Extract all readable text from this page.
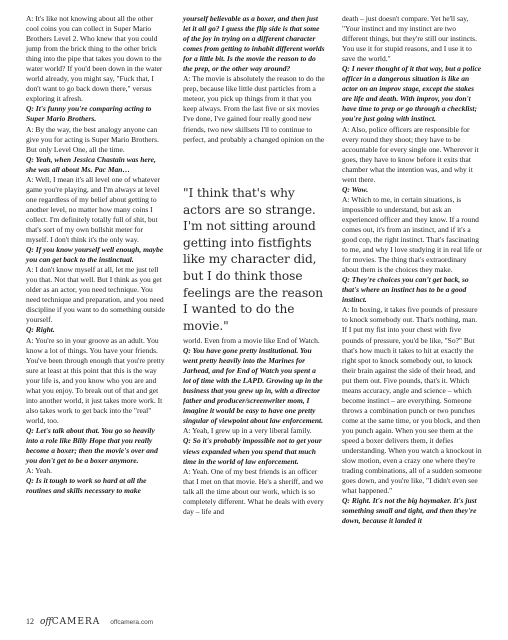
A: It's like not knowing about all the other cool coins you can collect in Super Mario Brothers Level 2. Who knew that you could jump from the brick thing to the other brick thing into the pipe that takes you down to the water world? If you'd been down in the water world already, you might say, "Fuck that, I don't want to go back down there," versus exploring it afresh.

Q: It's funny you're comparing acting to Super Mario Brothers.

A: By the way, the best analogy anyone can give you for acting is Super Mario Brothers. But only Level One, all the time.

Q: Yeah, when Jessica Chastain was here, she was all about Ms. Pac Man…

A: Well, I mean it's all level one of whatever game you're playing, and I'm always at level one regardless of my belief about getting to another level, no matter how many coins I collect. I'm definitely totally full of shit, but that's sort of my own bullshit meter for myself. I don't think it's the only way.

Q: If you know yourself well enough, maybe you can get back to the instinctual.

A: I don't know myself at all, let me just tell you that. Not that well. But I think as you get older as an actor, you need technique. You need technique and preparation, and you need discipline if you want to do something outside yourself.

Q: Right.

A: You're so in your groove as an adult. You know a lot of things. You have your friends. You've been through enough that you're pretty sure at least at this point that this is the way your life is, and you know who you are and what you enjoy. To break out of that and get into another world, it just takes more work. It also takes work to get back into the "real" world, too.

Q: Let's talk about that. You go so heavily into a role like Billy Hope that you really become a boxer; then the movie's over and you don't get to be a boxer anymore.

A: Yeah.

Q: Is it tough to work so hard at all the routines and skills necessary to make

yourself believable as a boxer, and then just let it all go? I guess the flip side is that some of the joy in trying on a different character comes from getting to inhabit different worlds for a little bit. Is the movie the reason to do the prep, or the other way around?

A: The movie is absolutely the reason to do the prep, because like little dust particles from a meteor, you pick up things from it that you keep always. From the last five or six movies I've done, I've gained four really good new friends, two new skillsets I'll to continue to perfect, and probably a changed opinion on the

"I think that's why actors are so strange. I'm not sitting around getting into fistfights like my character did, but I do think those feelings are the reason I wanted to do the movie."

world. Even from a movie like End of Watch.

Q: You have gone pretty institutional. You went pretty heavily into the Marines for Jarhead, and for End of Watch you spent a lot of time with the LAPD. Growing up in the business that you grew up in, with a director father and producer/screenwriter mom, I imagine it would be easy to have one pretty singular of viewpoint about law enforcement.

A: Yeah, I grew up in a very liberal family.

Q: So it's probably impossible not to get your views expanded when you spend that much time in the world of law enforcement.

A: Yeah. One of my best friends is an officer that I met on that movie. He's a sheriff, and we talk all the time about our work, which is so completely different. What he deals with every day – life and

death – just doesn't compare. Yet he'll say, "Your instinct and my instinct are two different things, but they're still our instincts. You use it for stupid reasons, and I use it to save the world."

Q: I never thought of it that way, but a police officer in a dangerous situation is like an actor on an improv stage, except the stakes are life and death. With improv, you don't have time to prep or go through a checklist; you're just going with instinct.

A: Also, police officers are responsible for every round they shoot; they have to be accountable for every single one. Wherever it goes, they have to know before it exits that chamber what the intention was, and why it went there.

Q: Wow.

A: Which to me, in certain situations, is impossible to understand, but ask an experienced officer and they know. If a round comes out, it's from an instinct, and if it's a good cop, the right instinct. That's fascinating to me, and why I love studying it in real life or for movies. The thing that's extraordinary about them is the choices they make.

Q: They're choices you can't get back, so that's where an instinct has to be a good instinct.

A: In boxing, it takes five pounds of pressure to knock somebody out. That's nothing, man. If I put my fist into your chest with five pounds of pressure, you'd be like, "So?" But that's how much it takes to hit at exactly the right spot to knock somebody out, to knock their brain against the side of their head, and put them out. Five pounds, that's it. Which means accuracy, angle and science – which become instinct – are everything. Someone throws a combination punch or two punches come at the same time, or you block, and then you punch again. When you see them at the speed a boxer delivers them, it defies understanding. When you watch a knockout in slow motion, even a crazy one where they're trading combinations, all of a sudden someone goes down, and you're like, "I didn't even see what happened."

Q: Right. It's not the big haymaker. It's just something small and tight, and then they're down, because it landed it

12 offCAMERA offcamera.com
